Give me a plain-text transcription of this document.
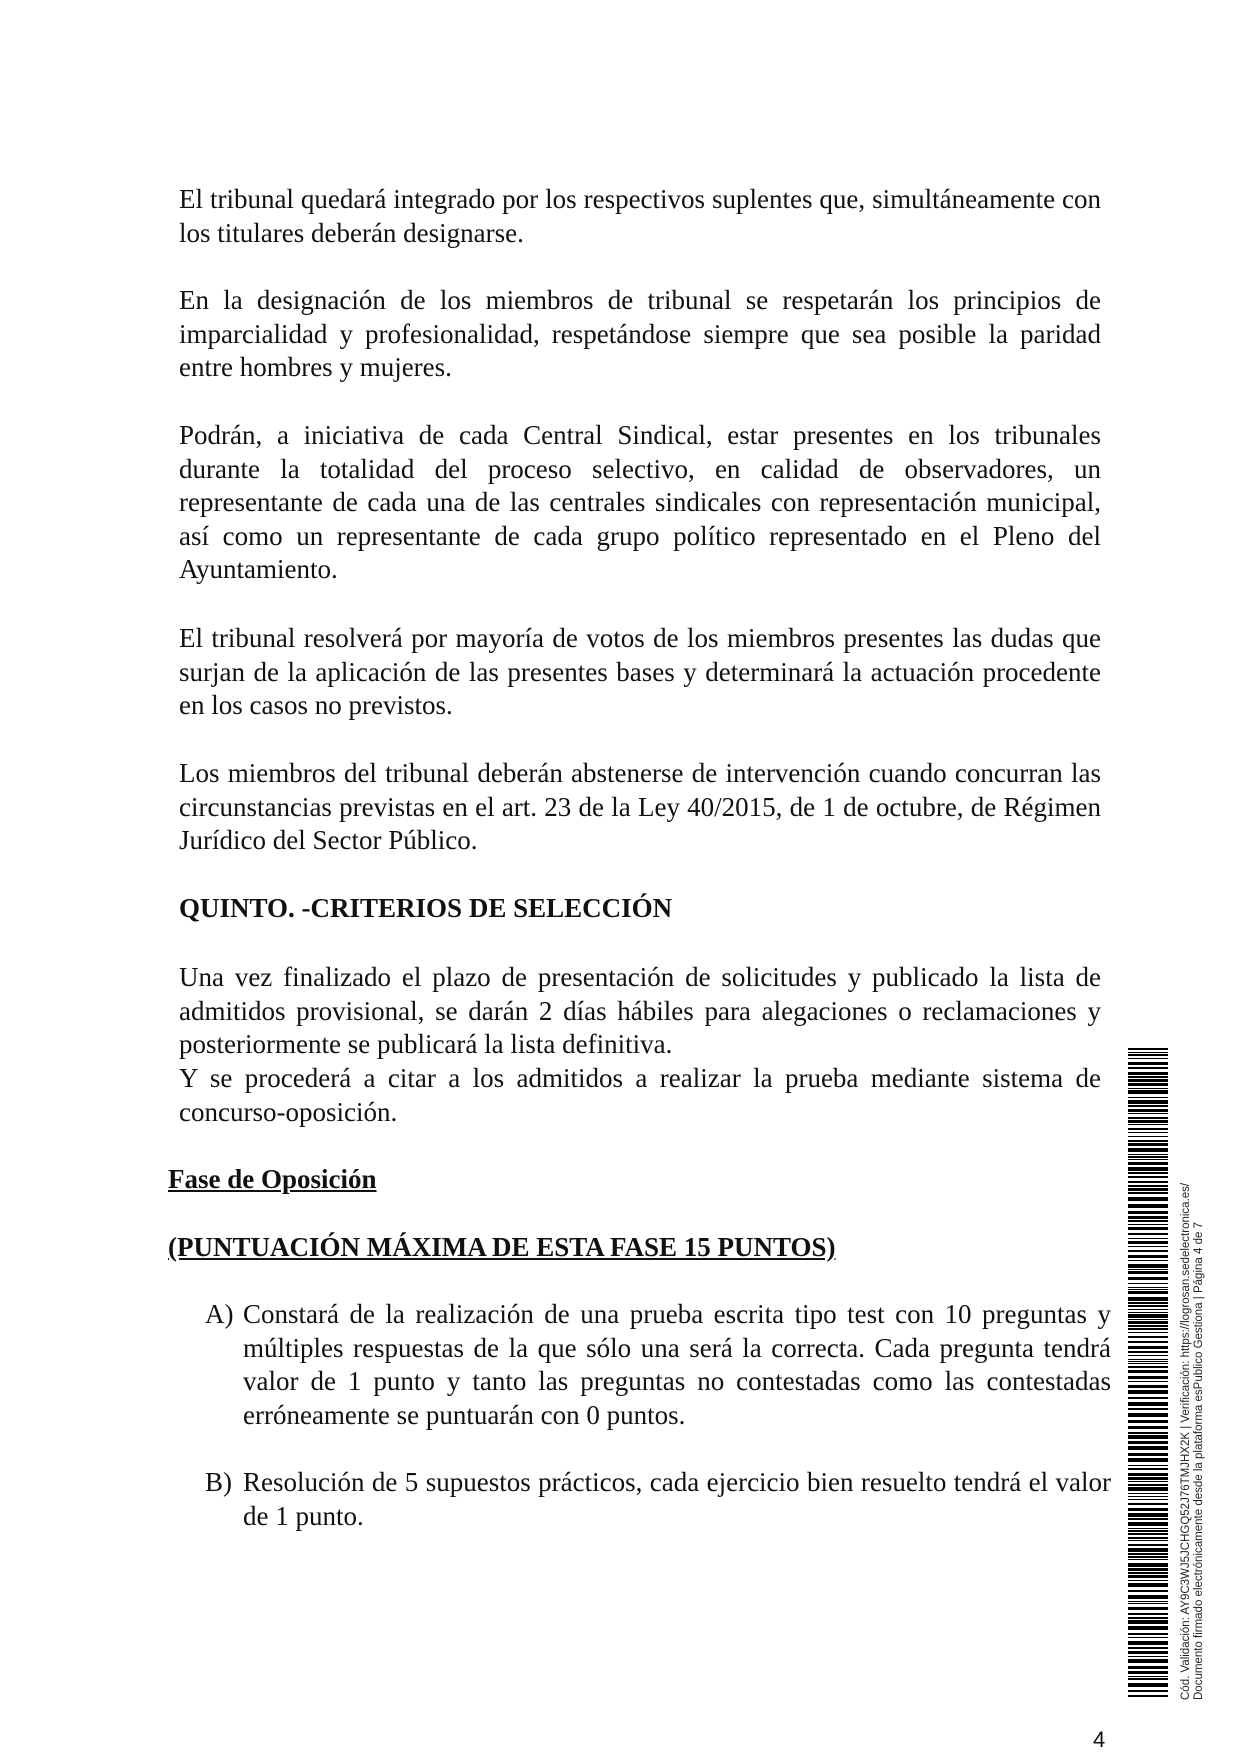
El tribunal quedará integrado por los respectivos suplentes que, simultáneamente con los titulares deberán designarse.

En la designación de los miembros de tribunal se respetarán los principios de imparcialidad y profesionalidad, respetándose siempre que sea posible la paridad entre hombres y mujeres.

Podrán, a iniciativa de cada Central Sindical, estar presentes en los tribunales durante la totalidad del proceso selectivo, en calidad de observadores, un representante de cada una de las centrales sindicales con representación municipal, así como un representante de cada grupo político representado en el Pleno del Ayuntamiento.

El tribunal resolverá por mayoría de votos de los miembros presentes las dudas que surjan de la aplicación de las presentes bases y determinará la actuación procedente en los casos no previstos.

Los miembros del tribunal deberán abstenerse de intervención cuando concurran las circunstancias previstas en el art. 23 de la Ley 40/2015, de 1 de octubre, de Régimen Jurídico del Sector Público.

QUINTO. -CRITERIOS DE SELECCIÓN

Una vez finalizado el plazo de presentación de solicitudes y publicado la lista de admitidos provisional, se darán 2 días hábiles para alegaciones o reclamaciones y posteriormente se publicará la lista definitiva.

Y se procederá a citar a los admitidos a realizar la prueba mediante sistema de concurso-oposición.

Fase de Oposición

(PUNTUACIÓN MÁXIMA DE ESTA FASE 15 PUNTOS)

A) Constará de la realización de una prueba escrita tipo test con 10 preguntas y múltiples respuestas de la que sólo una será la correcta. Cada pregunta tendrá valor de 1 punto y tanto las preguntas no contestadas como las contestadas erróneamente se puntuarán con 0 puntos.
B) Resolución de 5 supuestos prácticos, cada ejercicio bien resuelto tendrá el valor de 1 punto.	Cód. Validación: AY9C3WJ5JCHGQ52J76TMJHX2K | Verificación: https://logrosan.sedelectronica.es/ Documento firmado electrónicamente desde la plataforma esPublico Gestiona | Página 4 de 7

4
